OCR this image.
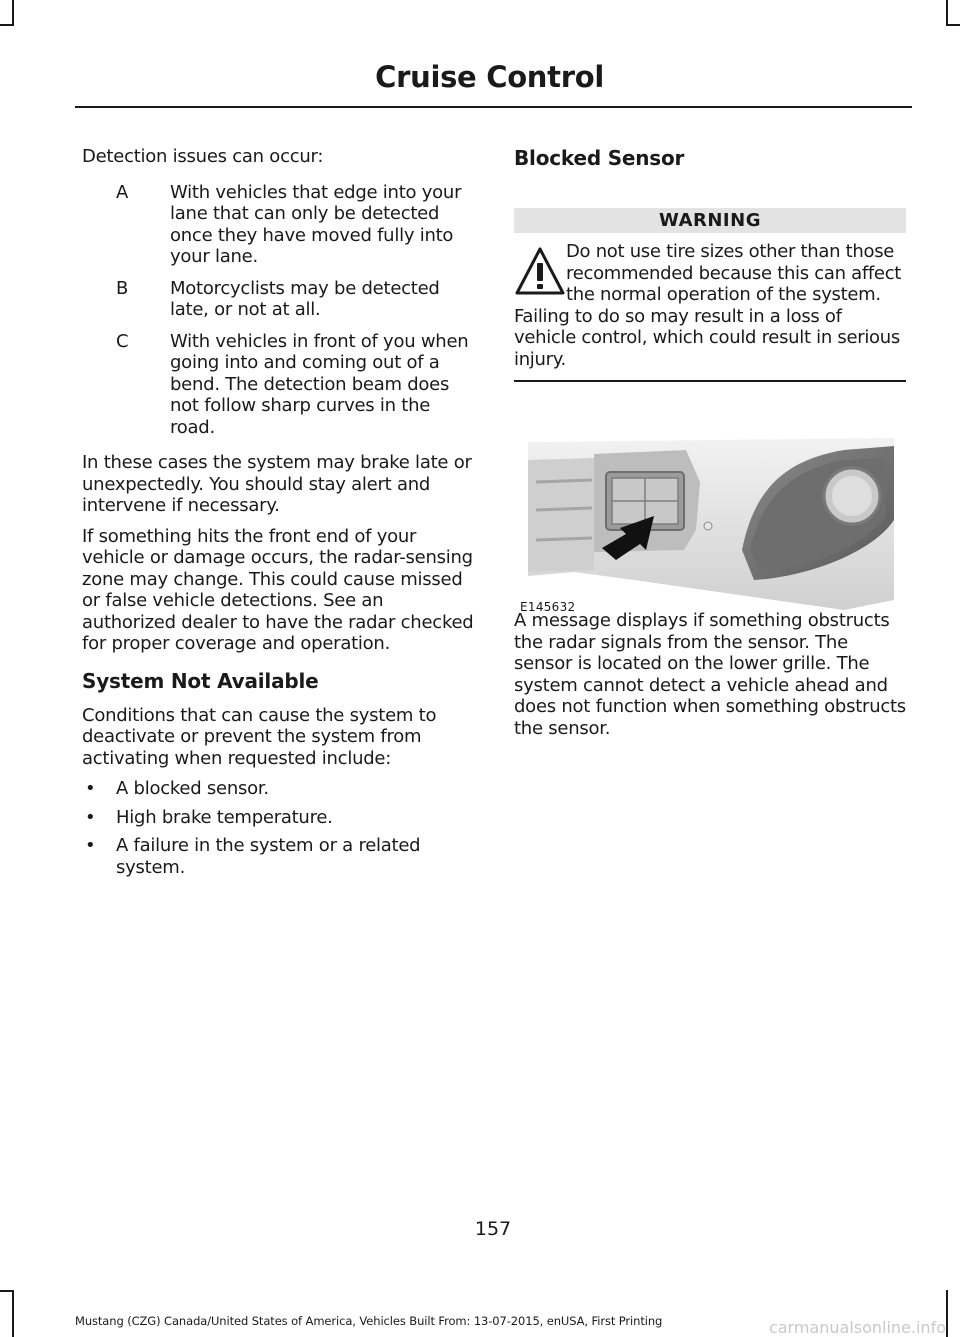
Cruise Control

Detection issues can occur:

A	With vehicles that edge into your lane that can only be detected once they have moved fully into your lane.
B	Motorcyclists may be detected late, or not at all.
C	With vehicles in front of you when going into and coming out of a bend. The detection beam does not follow sharp curves in the road.

In these cases the system may brake late or unexpectedly. You should stay alert and intervene if necessary.

If something hits the front end of your vehicle or damage occurs, the radar-sensing zone may change. This could cause missed or false vehicle detections. See an authorized dealer to have the radar checked for proper coverage and operation.

System Not Available

Conditions that can cause the system to deactivate or prevent the system from activating when requested include:

•	A blocked sensor.
•	High brake temperature.
•	A failure in the system or a related system.
Blocked Sensor
WARNING
Do not use tire sizes other than those recommended because this can affect the normal operation of the system. Failing to do so may result in a loss of vehicle control, which could result in serious injury.
E145632

A message displays if something obstructs the radar signals from the sensor. The sensor is located on the lower grille. The system cannot detect a vehicle ahead and does not function when something obstructs the sensor.

157
Mustang (CZG) Canada/United States of America, Vehicles Built From: 13-07-2015, enUSA, First Printing	carmanualsonline.info
